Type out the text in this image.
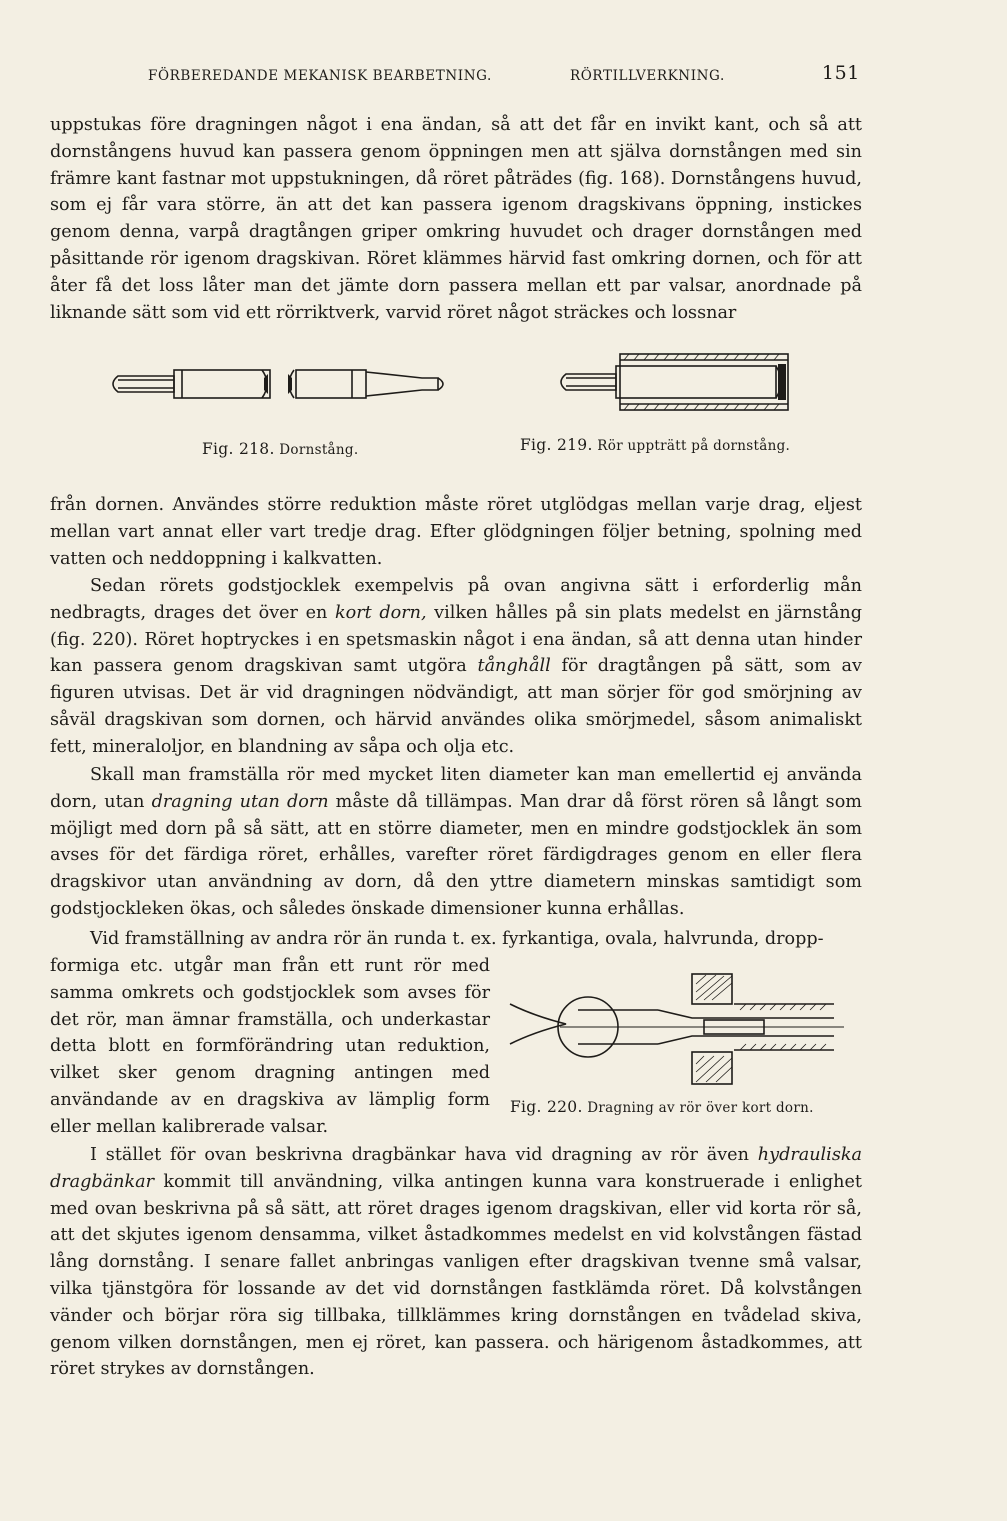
FÖRBEREDANDE MEKANISK BEARBETNING.	RÖRTILLVERKNING.	151

uppstukas före dragningen något i ena ändan, så att det får en invikt kant, och så att dornstångens huvud kan passera genom öppningen men att själva dornstången med sin främre kant fastnar mot uppstukningen, då röret påträdes (fig. 168). Dornstångens huvud, som ej får vara större, än att det kan passera igenom dragskivans öppning, instickes genom denna, varpå dragtången griper omkring huvudet och drager dornstången med påsittande rör igenom dragskivan. Röret klämmes härvid fast omkring dornen, och för att åter få det loss låter man det jämte dorn passera mellan ett par valsar, anordnade på liknande sätt som vid ett rörriktverk, varvid röret något sträckes och lossnar

Fig. 218. Dornstång.	Fig. 219. Rör uppträtt på dornstång.

från dornen. Användes större reduktion måste röret utglödgas mellan varje drag, eljest mellan vart annat eller vart tredje drag. Efter glödgningen följer betning, spolning med vatten och neddoppning i kalkvatten.

Sedan rörets godstjocklek exempelvis på ovan angivna sätt i erforderlig mån nedbragts, drages det över en kort dorn, vilken hålles på sin plats medelst en järnstång (fig. 220). Röret hoptryckes i en spetsmaskin något i ena ändan, så att denna utan hinder kan passera genom dragskivan samt utgöra tånghåll för dragtången på sätt, som av figuren utvisas. Det är vid dragningen nödvändigt, att man sörjer för god smörjning av såväl dragskivan som dornen, och härvid användes olika smörjmedel, såsom animaliskt fett, mineraloljor, en blandning av såpa och olja etc.

Skall man framställa rör med mycket liten diameter kan man emellertid ej använda dorn, utan dragning utan dorn måste då tillämpas. Man drar då först rören så långt som möjligt med dorn på så sätt, att en större diameter, men en mindre godstjocklek än som avses för det färdiga röret, erhålles, varefter röret färdigdrages genom en eller flera dragskivor utan användning av dorn, då den yttre diametern minskas samtidigt som godstjockleken ökas, och således önskade dimensioner kunna erhållas.

Vid framställning av andra rör än runda t. ex. fyrkantiga, ovala, halvrunda, dropp-

formiga etc. utgår man från ett runt rör med samma omkrets och godstjocklek som avses för det rör, man ämnar framställa, och underkastar detta blott en formförändring utan reduktion, vilket sker genom dragning antingen med användande av en dragskiva av lämplig form eller mellan kalibrerade valsar.

Fig. 220. Dragning av rör över kort dorn.

I stället för ovan beskrivna dragbänkar hava vid dragning av rör även hydrauliska dragbänkar kommit till användning, vilka antingen kunna vara konstruerade i enlighet med ovan beskrivna på så sätt, att röret drages igenom dragskivan, eller vid korta rör så, att det skjutes igenom densamma, vilket åstadkommes medelst en vid kolvstången fästad lång dornstång. I senare fallet anbringas vanligen efter dragskivan tvenne små valsar, vilka tjänstgöra för lossande av det vid dornstången fastklämda röret. Då kolvstången vänder och börjar röra sig tillbaka, tillklämmes kring dornstången en tvådelad skiva, genom vilken dornstången, men ej röret, kan passera. och härigenom åstadkommes, att röret strykes av dornstången.
